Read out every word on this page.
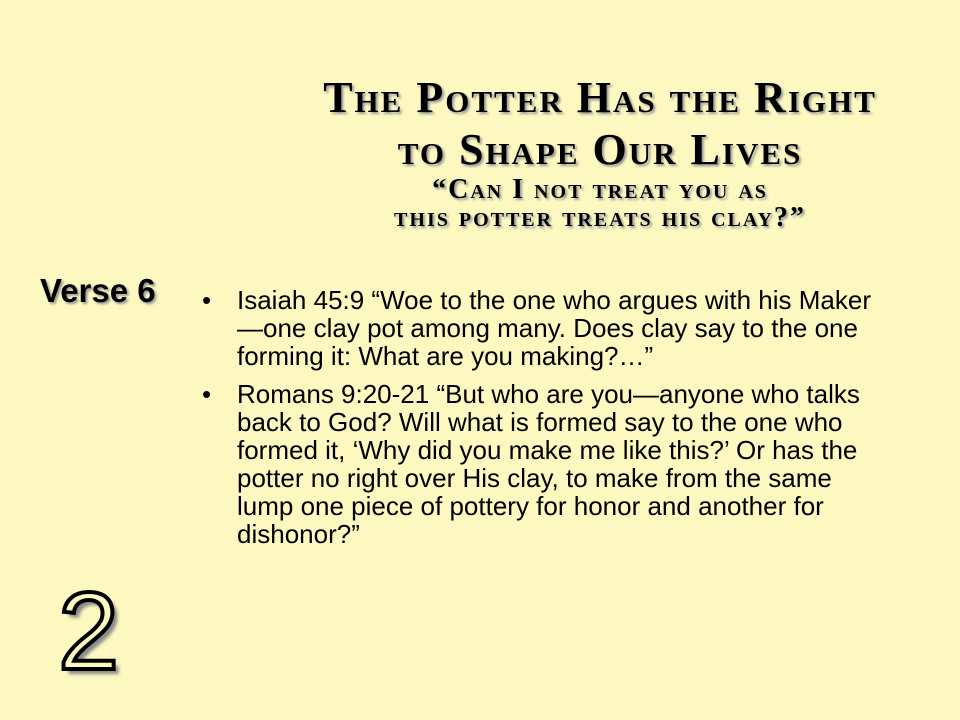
The Potter Has the Right
to Shape Our Lives
“Can I not treat you as
this potter treats his clay?”
Verse 6 • Isaiah 45:9 “Woe to the one who argues with his Maker—one clay pot among many. Does clay say to the one forming it: What are you making?…”
• Romans 9:20-21 “But who are you—anyone who talks back to God? Will what is formed say to the one who formed it, ‘Why did you make me like this?’ Or has the potter no right over His clay, to make from the same lump one piece of pottery for honor and another for dishonor?”
2
